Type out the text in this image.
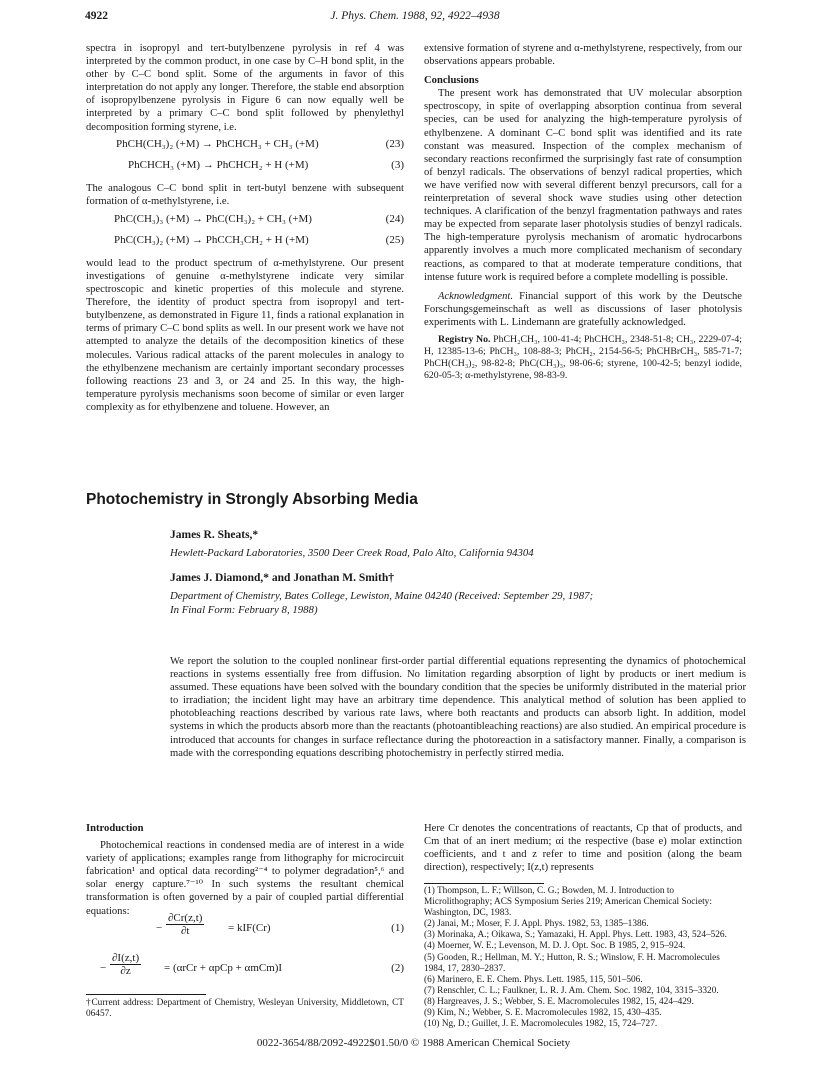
4922	J. Phys. Chem. 1988, 92, 4922–4938

spectra in isopropyl and tert-butylbenzene pyrolysis in ref 4 was interpreted by the common product, in one case by C–H bond split, in the other by C–C bond split. Some of the arguments in favor of this interpretation do not apply any longer. Therefore, the stable end absorption of isopropylbenzene pyrolysis in Figure 6 can now equally well be interpreted by a primary C–C bond split followed by phenylethyl decomposition forming styrene, i.e.

PhCH(CH₃)₂ (+M) → PhCHCH₃ + CH₃ (+M)	(23)
PhCHCH₃ (+M) → PhCHCH₂ + H (+M)	(3)

The analogous C–C bond split in tert-butyl benzene with subsequent formation of α-methylstyrene, i.e.

PhC(CH₃)₃ (+M) → PhC(CH₃)₂ + CH₃ (+M)	(24)
PhC(CH₃)₂ (+M) → PhCCH₃CH₂ + H (+M)	(25)

would lead to the product spectrum of α-methylstyrene. Our present investigations of genuine α-methylstyrene indicate very similar spectroscopic and kinetic properties of this molecule and styrene. Therefore, the identity of product spectra from isopropyl and tert-butylbenzene, as demonstrated in Figure 11, finds a rational explanation in terms of primary C–C bond splits as well. In our present work we have not attempted to analyze the details of the decomposition kinetics of these molecules. Various radical attacks of the parent molecules in analogy to the ethylbenzene mechanism are certainly important secondary processes following reactions 23 and 3, or 24 and 25. In this way, the high-temperature pyrolysis mechanisms soon become of similar or even larger complexity as for ethylbenzene and toluene. However, an

extensive formation of styrene and α-methylstyrene, respectively, from our observations appears probable.

Conclusions

The present work has demonstrated that UV molecular absorption spectroscopy, in spite of overlapping absorption continua from several species, can be used for analyzing the high-temperature pyrolysis of ethylbenzene. A dominant C–C bond split was identified and its rate constant was measured. Inspection of the complex mechanism of secondary reactions reconfirmed the surprisingly fast rate of consumption of benzyl radicals. The observations of benzyl radical properties, which we have verified now with several different benzyl precursors, call for a reinterpretation of several shock wave studies using other detection techniques. A clarification of the benzyl fragmentation pathways and rates may be expected from separate laser photolysis studies of benzyl radicals. The high-temperature pyrolysis mechanism of aromatic hydrocarbons apparently involves a much more complicated mechanism of secondary reactions, as compared to that at moderate temperature conditions, that intense future work is required before a complete modelling is possible.

Acknowledgment. Financial support of this work by the Deutsche Forschungsgemeinschaft as well as discussions of laser photolysis experiments with L. Lindemann are gratefully acknowledged.

Registry No. PhCH₂CH₃, 100-41-4; PhCHCH₃, 2348-51-8; CH₃, 2229-07-4; H, 12385-13-6; PhCH₃, 108-88-3; PhCH₂, 2154-56-5; PhCHBrCH₃, 585-71-7; PhCH(CH₃)₂, 98-82-8; PhC(CH₃)₃, 98-06-6; styrene, 100-42-5; benzyl iodide, 620-05-3; α-methylstyrene, 98-83-9.

Photochemistry in Strongly Absorbing Media
James R. Sheats,*
Hewlett-Packard Laboratories, 3500 Deer Creek Road, Palo Alto, California 94304
James J. Diamond,* and Jonathan M. Smith†
Department of Chemistry, Bates College, Lewiston, Maine 04240 (Received: September 29, 1987;
In Final Form: February 8, 1988)
We report the solution to the coupled nonlinear first-order partial differential equations representing the dynamics of photochemical reactions in systems essentially free from diffusion. No limitation regarding absorption of light by products or inert medium is assumed. These equations have been solved with the boundary condition that the species be uniformly distributed in the material prior to irradiation; the incident light may have an arbitrary time dependence. This analytical method of solution has been applied to photobleaching reactions described by various rate laws, where both reactants and products can absorb light. In addition, model systems in which the products absorb more than the reactants (photoantibleaching reactions) are also studied. An empirical procedure is introduced that accounts for changes in surface reflectance during the photoreaction in a satisfactory manner. Finally, a comparison is made with the corresponding equations describing photochemistry in perfectly stirred media.
Introduction

Photochemical reactions in condensed media are of interest in a wide variety of applications; examples range from lithography for microcircuit fabrication¹ and optical data recording²⁻⁴ to polymer degradation⁵,⁶ and solar energy capture.⁷⁻¹⁰ In such systems the resultant chemical transformation is often governed by a pair of coupled partial differential equations:

− $\frac{\partial Cr(z,t)}{\partial t} = kIF(Cr)$	(1)
− $\frac{\partial I(z,t)}{\partial z} = (\alpha rCr + \alpha pCp + \alpha mCm)I$	(2)
†Current address: Department of Chemistry, Wesleyan University, Middletown, CT 06457.

Here Cr denotes the concentrations of reactants, Cp that of products, and Cm that of an inert medium; αi the respective (base e) molar extinction coefficients, and t and z refer to time and position (along the beam direction), respectively; I(z,t) represents

(1) Thompson, L. F.; Willson, C. G.; Bowden, M. J. Introduction to Microlithography; ACS Symposium Series 219; American Chemical Society: Washington, DC, 1983.
(2) Janai, M.; Moser, F. J. Appl. Phys. 1982, 53, 1385–1386.
(3) Morinaka, A.; Oikawa, S.; Yamazaki, H. Appl. Phys. Lett. 1983, 43, 524–526.
(4) Moerner, W. E.; Levenson, M. D. J. Opt. Soc. B 1985, 2, 915–924.
(5) Gooden, R.; Hellman, M. Y.; Hutton, R. S.; Winslow, F. H. Macromolecules 1984, 17, 2830–2837.
(6) Marinero, E. E. Chem. Phys. Lett. 1985, 115, 501–506.
(7) Renschler, C. L.; Faulkner, L. R. J. Am. Chem. Soc. 1982, 104, 3315–3320.
(8) Hargreaves, J. S.; Webber, S. E. Macromolecules 1982, 15, 424–429.
(9) Kim, N.; Webber, S. E. Macromolecules 1982, 15, 430–435.
(10) Ng, D.; Guillet, J. E. Macromolecules 1982, 15, 724–727.
0022-3654/88/2092-4922$01.50/0 © 1988 American Chemical Society
